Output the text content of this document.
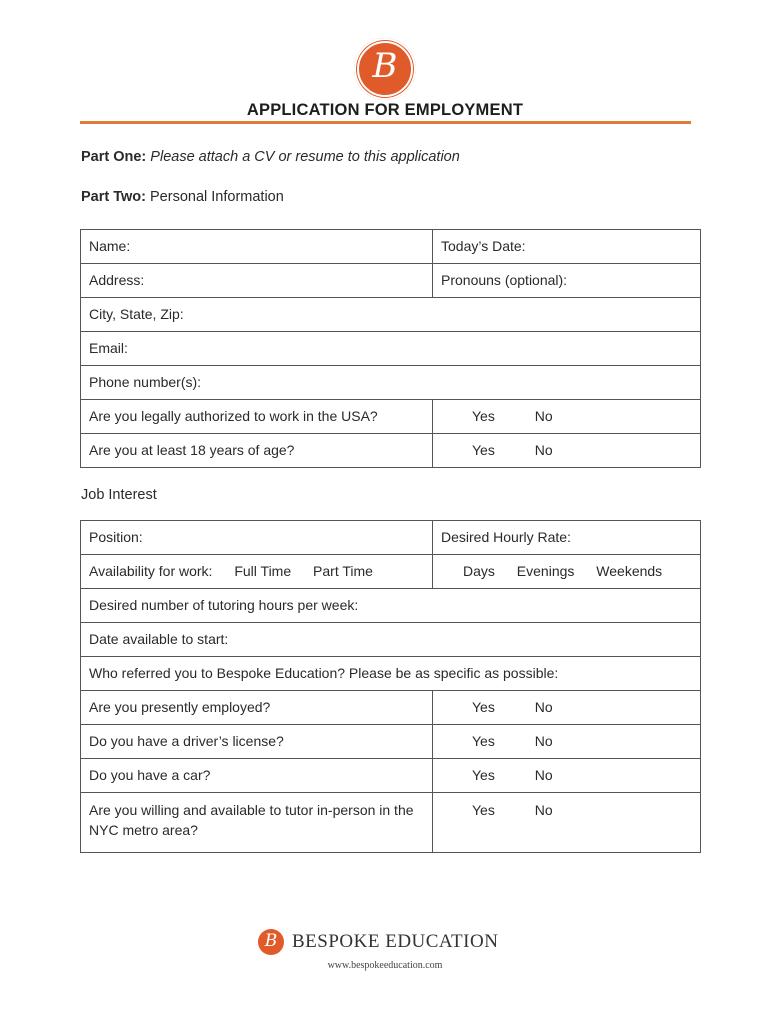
B
APPLICATION FOR EMPLOYMENT
Part One: Please attach a CV or resume to this application
Part Two: Personal Information
Name:	Today’s Date:
Address:	Pronouns (optional):
City, State, Zip:	
Email:	
Phone number(s):	
Are you legally authorized to work in the USA?	Yes No
Are you at least 18 years of age?	Yes No
Job Interest
Position:	Desired Hourly Rate:
Availability for work: Full Time Part Time	Days Evenings Weekends
Desired number of tutoring hours per week:	
Date available to start:	
Who referred you to Bespoke Education? Please be as specific as possible:	
Are you presently employed?	Yes No
Do you have a driver’s license?	Yes No
Do you have a car?	Yes No
Are you willing and available to tutor in-person in the NYC metro area?	Yes No
B BESPOKE EDUCATION
www.bespokeeducation.com
